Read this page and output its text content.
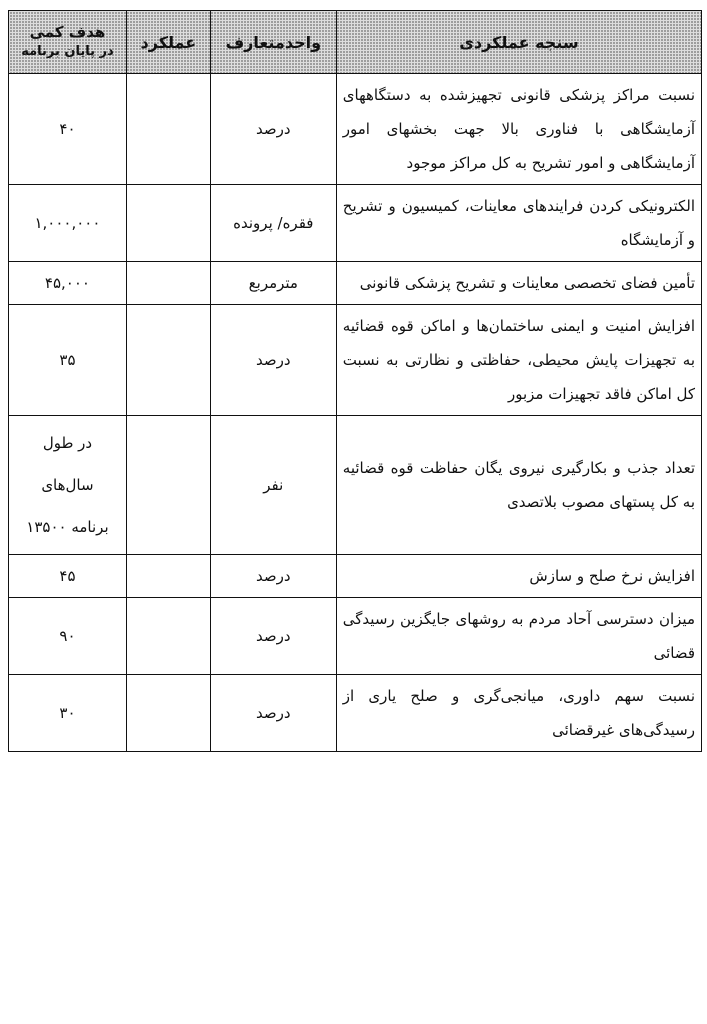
سنجه عملکردی	واحدمتعارف	عملکرد	هدف کمی
در پایان برنامه

نسبت مراکز پزشکی قانونی تجهیزشده به دستگاههای آزمایشگاهی با فناوری بالا جهت بخشهای امور آزمایشگاهی و امور تشریح به کل مراکز موجود	درصد		۴۰
الکترونیکی کردن فرایندهای معاینات، کمیسیون و تشریح و آزمایشگاه	فقره/ پرونده		۱,۰۰۰,۰۰۰
تأمین فضای تخصصی معاینات و تشریح پزشکی قانونی	مترمربع		۴۵,۰۰۰
افزایش امنیت و ایمنی ساختمان‌ها و اماکن قوه قضائیه به تجهیزات پایش محیطی، حفاظتی و نظارتی به نسبت کل اماکن فاقد تجهیزات مزبور	درصد		۳۵
تعداد جذب و بکارگیری نیروی یگان حفاظت قوه قضائیه به کل پستهای مصوب بلاتصدی	نفر		در طول سال‌های برنامه ۱۳۵۰۰
افزایش نرخ صلح و سازش	درصد		۴۵
میزان دسترسی آحاد مردم به روشهای جایگزین رسیدگی قضائی	درصد		۹۰
نسبت سهم داوری، میانجی‌گری و صلح یاری از رسیدگی‌های غیرقضائی	درصد		۳۰
